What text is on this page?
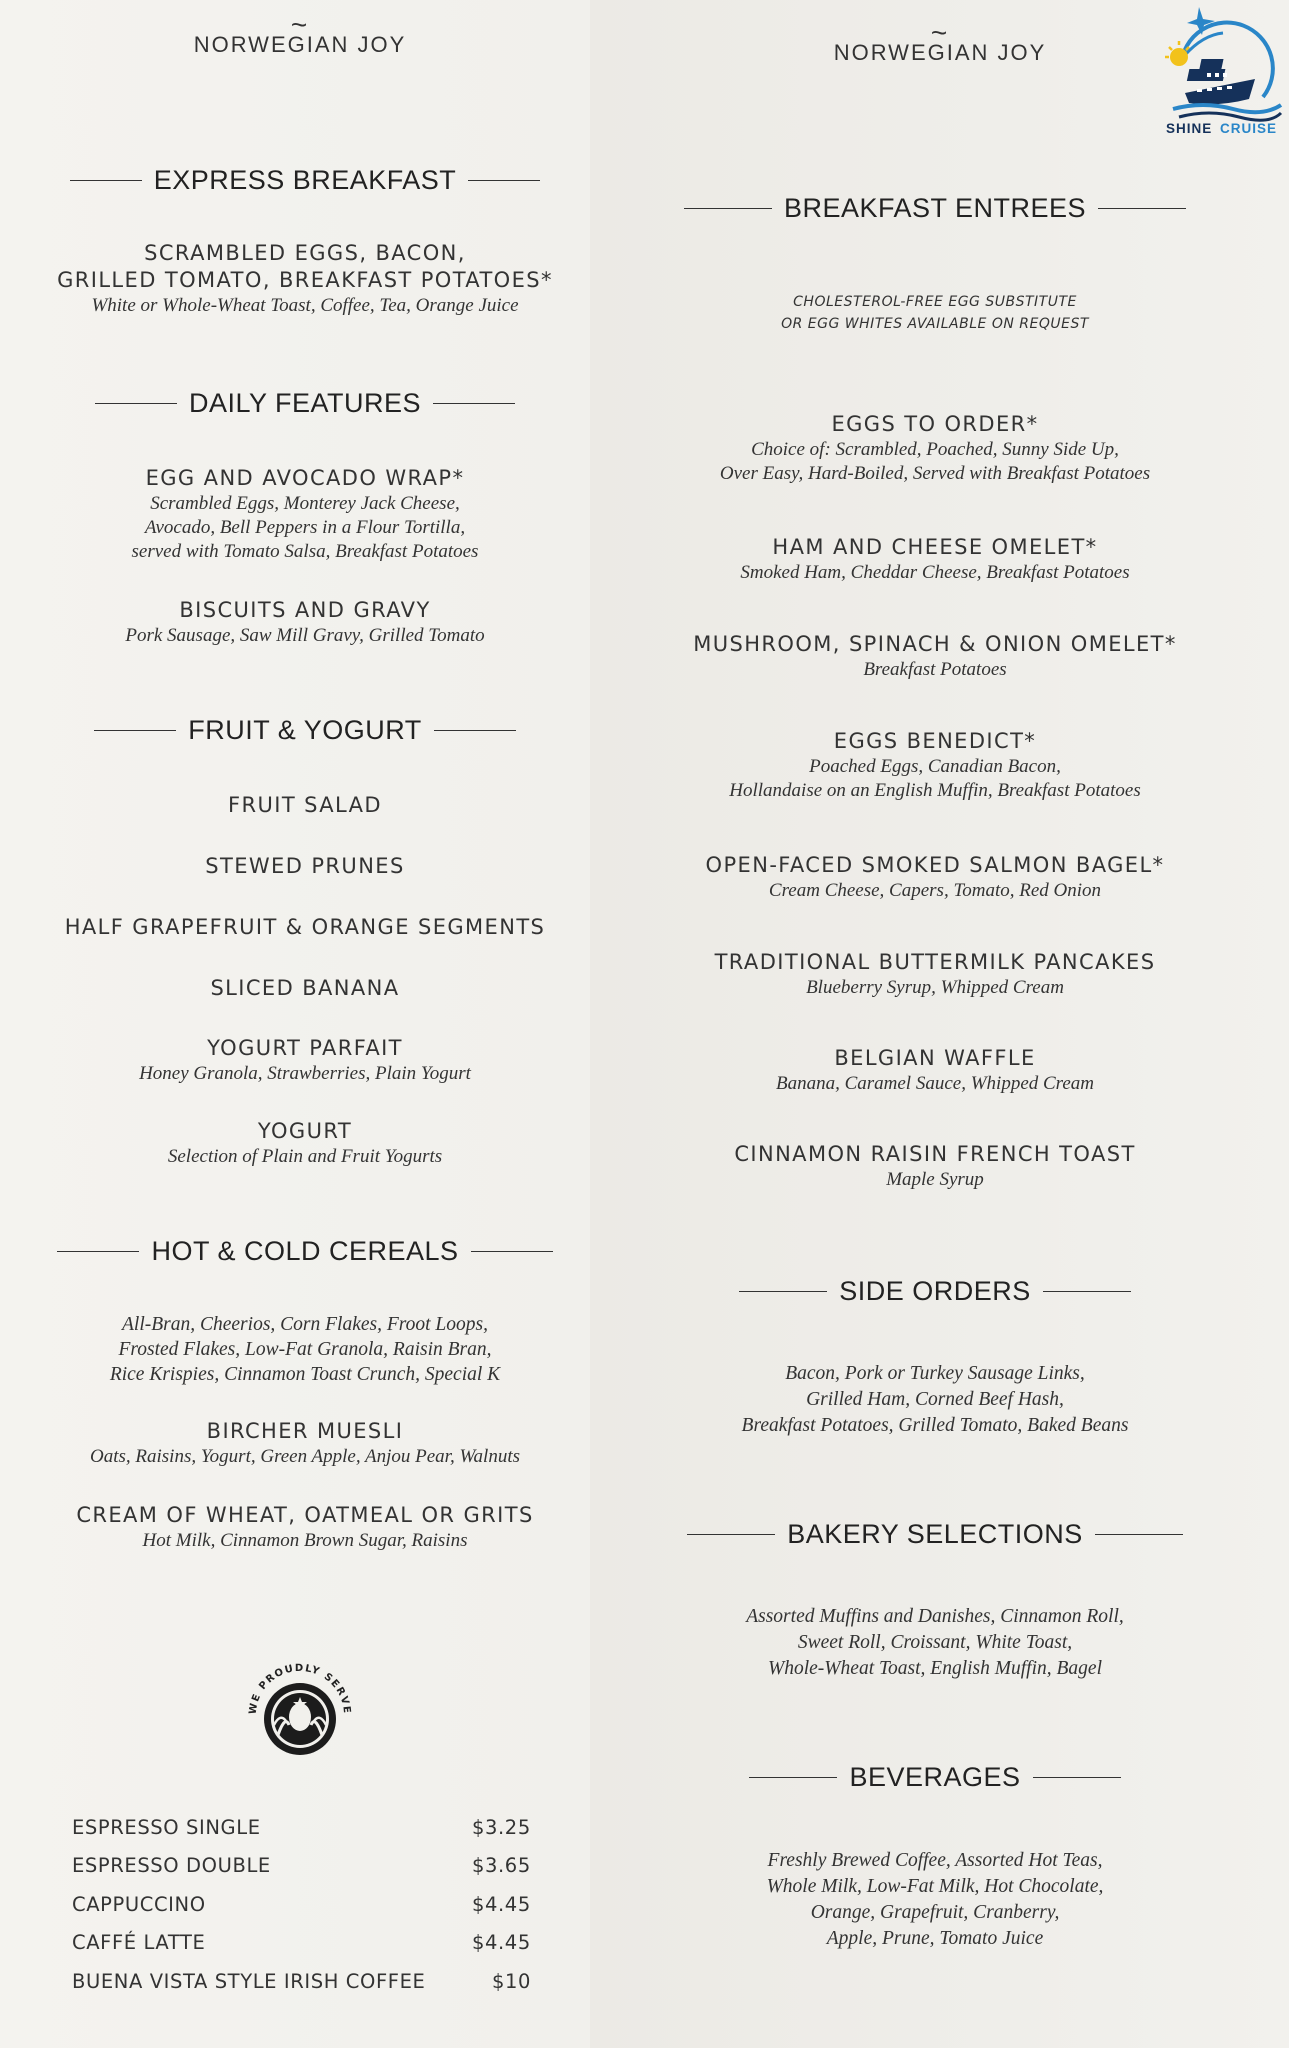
~
NORWEGIAN JOY
EXPRESS BREAKFAST
SCRAMBLED EGGS, BACON,
GRILLED TOMATO, BREAKFAST POTATOES*
White or Whole-Wheat Toast, Coffee, Tea, Orange Juice
DAILY FEATURES
EGG AND AVOCADO WRAP*
Scrambled Eggs, Monterey Jack Cheese,
Avocado, Bell Peppers in a Flour Tortilla,
served with Tomato Salsa, Breakfast Potatoes
BISCUITS AND GRAVY
Pork Sausage, Saw Mill Gravy, Grilled Tomato
FRUIT & YOGURT
FRUIT SALAD
STEWED PRUNES
HALF GRAPEFRUIT & ORANGE SEGMENTS
SLICED BANANA
YOGURT PARFAIT
Honey Granola, Strawberries, Plain Yogurt
YOGURT
Selection of Plain and Fruit Yogurts
HOT & COLD CEREALS
All-Bran, Cheerios, Corn Flakes, Froot Loops,
Frosted Flakes, Low-Fat Granola, Raisin Bran,
Rice Krispies, Cinnamon Toast Crunch, Special K
BIRCHER MUESLI
Oats, Raisins, Yogurt, Green Apple, Anjou Pear, Walnuts
CREAM OF WHEAT, OATMEAL OR GRITS
Hot Milk, Cinnamon Brown Sugar, Raisins
WE PROUDLY SERVE
ESPRESSO SINGLE	$3.25
ESPRESSO DOUBLE	$3.65
CAPPUCCINO	$4.45
CAFFÉ LATTE	$4.45
BUENA VISTA STYLE IRISH COFFEE	$10
~
NORWEGIAN JOY
BREAKFAST ENTREES
CHOLESTEROL-FREE EGG SUBSTITUTE
OR EGG WHITES AVAILABLE ON REQUEST
EGGS TO ORDER*
Choice of: Scrambled, Poached, Sunny Side Up,
Over Easy, Hard-Boiled, Served with Breakfast Potatoes
HAM AND CHEESE OMELET*
Smoked Ham, Cheddar Cheese, Breakfast Potatoes
MUSHROOM, SPINACH & ONION OMELET*
Breakfast Potatoes
EGGS BENEDICT*
Poached Eggs, Canadian Bacon,
Hollandaise on an English Muffin, Breakfast Potatoes
OPEN-FACED SMOKED SALMON BAGEL*
Cream Cheese, Capers, Tomato, Red Onion
TRADITIONAL BUTTERMILK PANCAKES
Blueberry Syrup, Whipped Cream
BELGIAN WAFFLE
Banana, Caramel Sauce, Whipped Cream
CINNAMON RAISIN FRENCH TOAST
Maple Syrup
SIDE ORDERS
Bacon, Pork or Turkey Sausage Links,
Grilled Ham, Corned Beef Hash,
Breakfast Potatoes, Grilled Tomato, Baked Beans
BAKERY SELECTIONS
Assorted Muffins and Danishes, Cinnamon Roll,
Sweet Roll, Croissant, White Toast,
Whole-Wheat Toast, English Muffin, Bagel
BEVERAGES
Freshly Brewed Coffee, Assorted Hot Teas,
Whole Milk, Low-Fat Milk, Hot Chocolate,
Orange, Grapefruit, Cranberry,
Apple, Prune, Tomato Juice
SHINE CRUISE
